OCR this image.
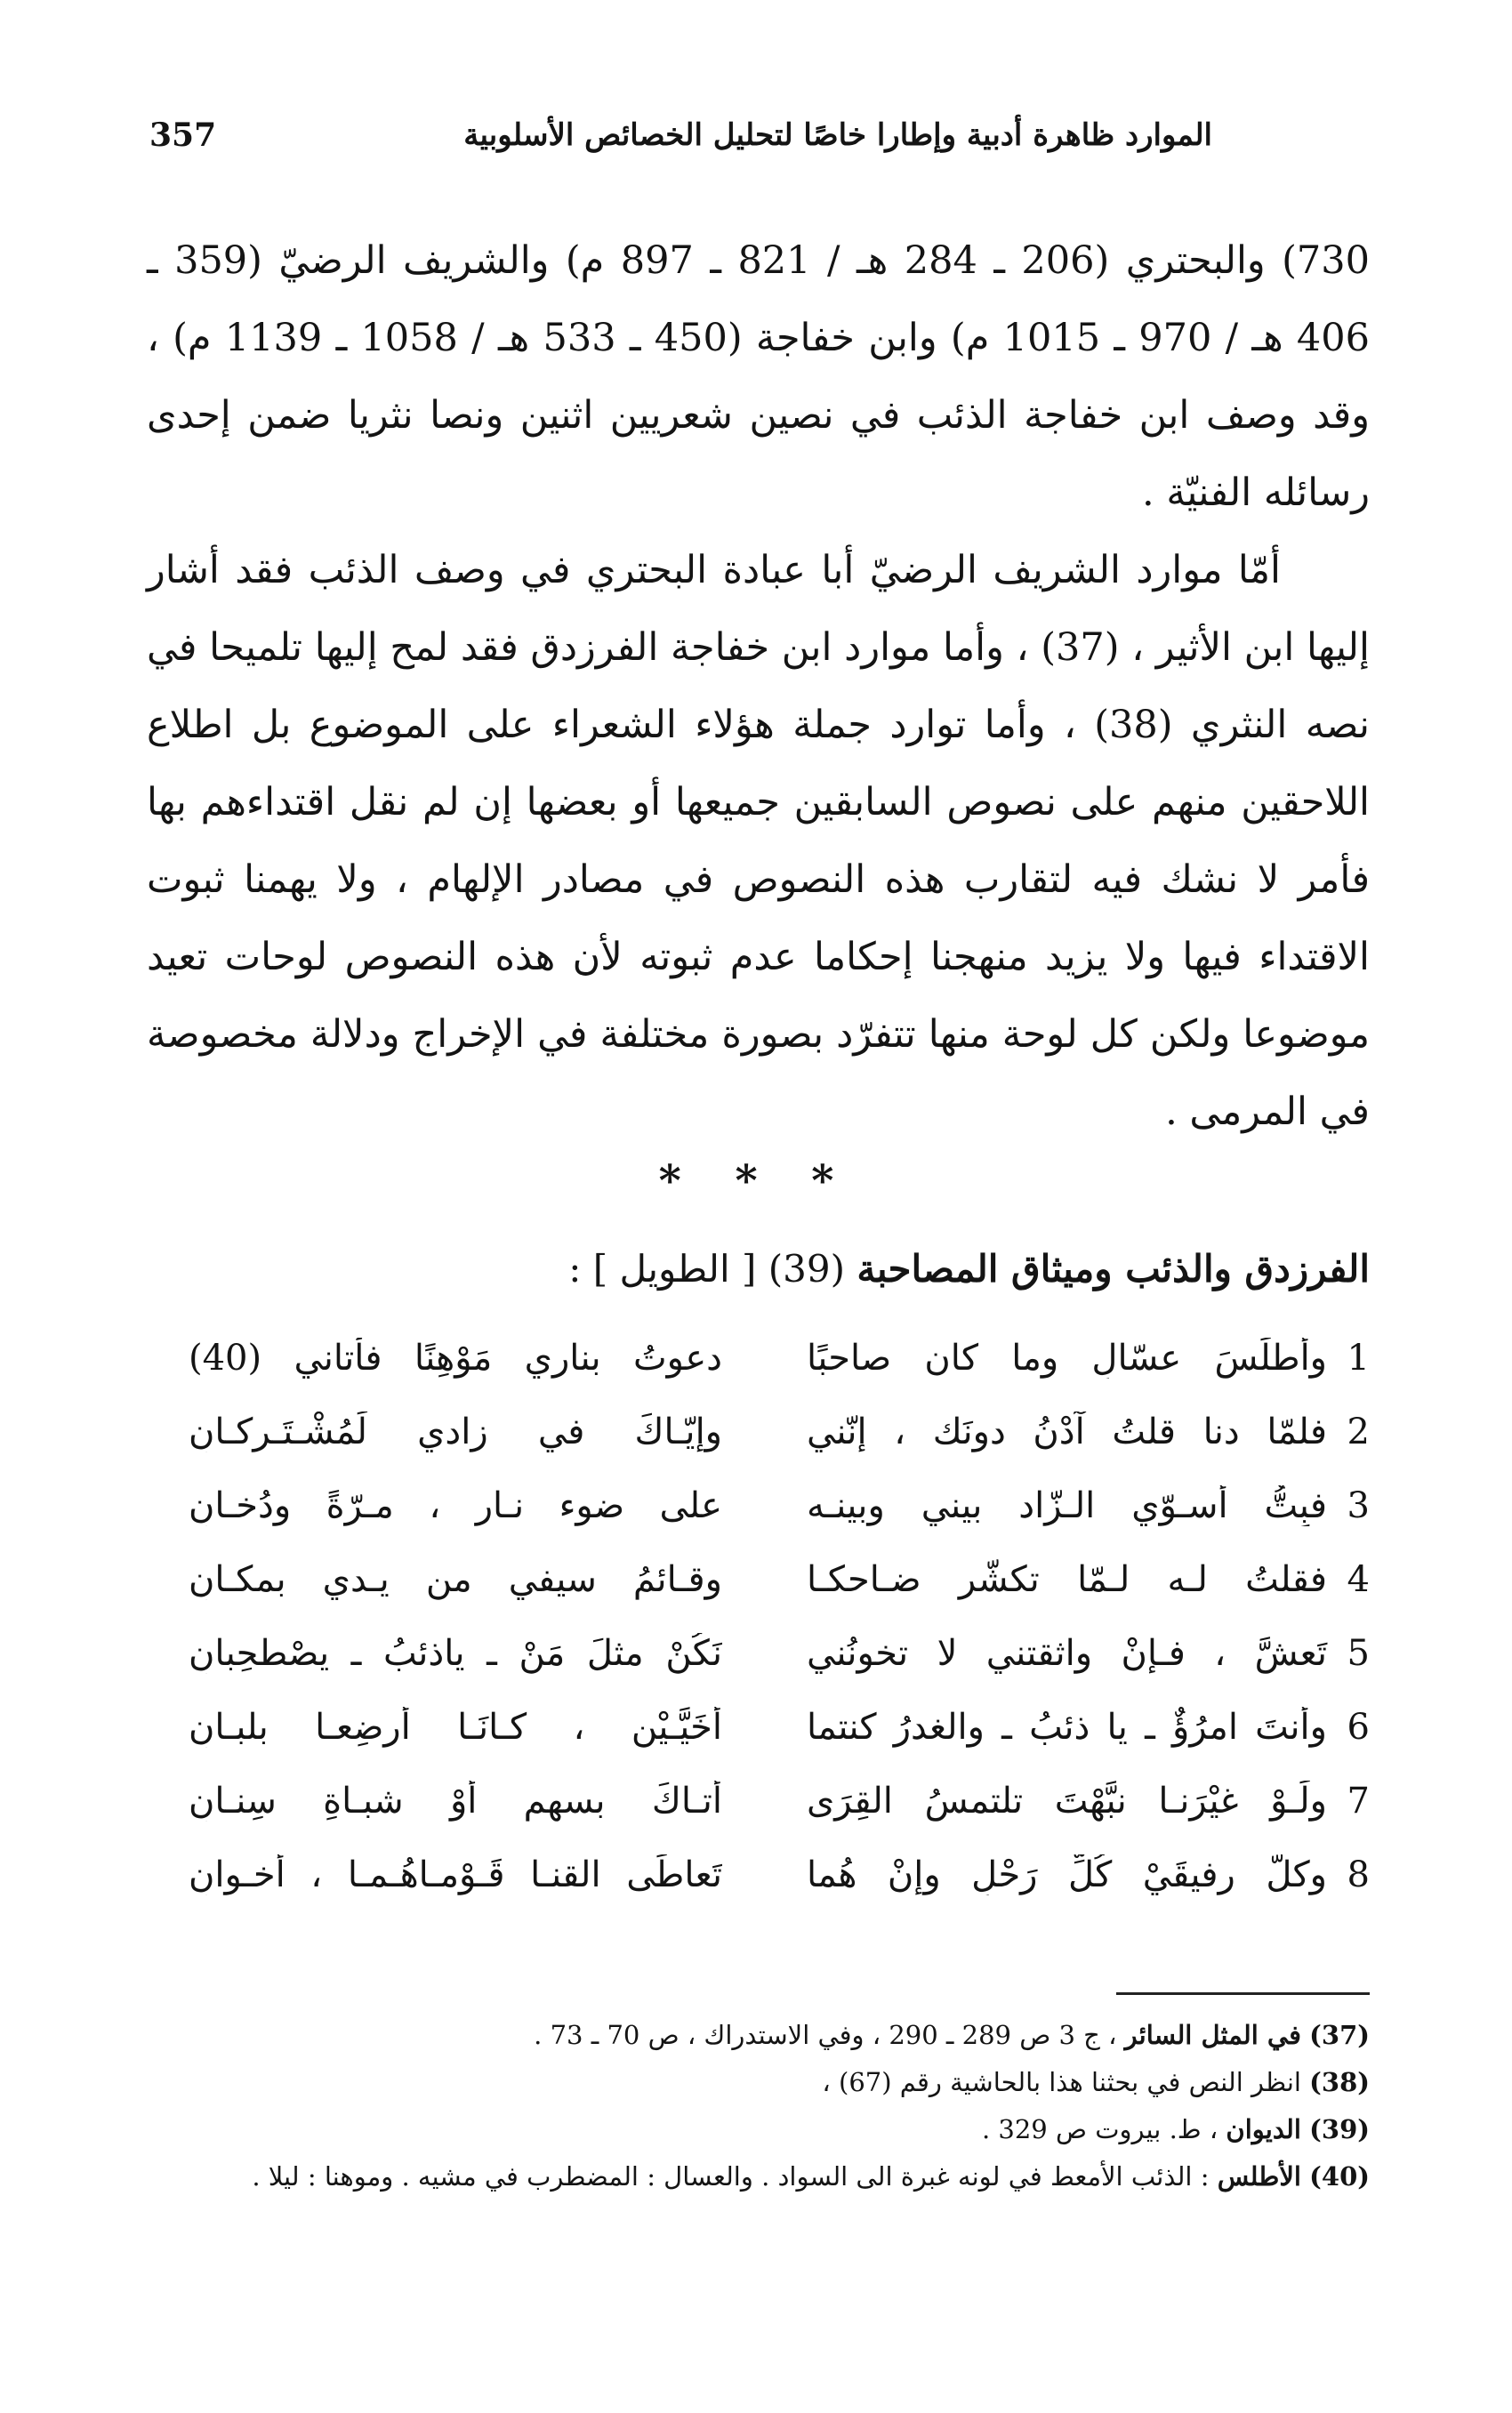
357	الموارد ظاهرة أدبية وإطارا خاصًا لتحليل الخصائص الأسلوبية

730) والبحتري (206 ـ 284 هـ / 821 ـ 897 م) والشريف الرضيّ (359 ـ 406 هـ / 970 ـ 1015 م) وابن خفاجة (450 ـ 533 هـ / 1058 ـ 1139 م) ، وقد وصف ابن خفاجة الذئب في نصين شعريين اثنين ونصا نثريا ضمن إحدى رسائله الفنيّة .

أمّا موارد الشريف الرضيّ أبا عبادة البحتري في وصف الذئب فقد أشار إليها ابن الأثير ، (37) ، وأما موارد ابن خفاجة الفرزدق فقد لمح إليها تلميحا في نصه النثري (38) ، وأما توارد جملة هؤلاء الشعراء على الموضوع بل اطلاع اللاحقين منهم على نصوص السابقين جميعها أو بعضها إن لم نقل اقتداءهم بها فأمر لا نشك فيه لتقارب هذه النصوص في مصادر الإلهام ، ولا يهمنا ثبوت الاقتداء فيها ولا يزيد منهجنا إحكاما عدم ثبوته لأن هذه النصوص لوحات تعيد موضوعا ولكن كل لوحة منها تتفرّد بصورة مختلفة في الإخراج ودلالة مخصوصة في المرمى .

* * *
الفرزدق والذئب وميثاق المصاحبة (39) [ الطويل ] :
1
وأطلَسَ عسّالٍ وما كان صاحبًا
دعوتُ بناري مَوْهِنًا فأتاني (40)
2
فلمّا دنا قلتُ آدْنُ دونَك ، إنّني
وإيّـاكَ في زادي لَمُشْـتَـرِكـانِ
3
فبِتُّ أُسـوّي الـزّاد بيني وبينـه
على ضوء نـار ، مـرّةً ودُخـانِ
4
فقلتُ لـه لـمّا تكشّر ضـاحكـا
وقـائمُ سيفي من يـدي بمكـانِ
5
تَعشَّ ، فـإنْ واثقتني لا تخونُني
نَكُنْ مثلَ مَنْ ـ ياذئبُ ـ يصْطحِبانِ
6
وأنتَ امرُؤٌ ـ يا ذئبُ ـ والغدرُ كنتما
أُخَيَّـيْنِ ، كـانَـا أُرضِعـا بلبـانِ
7
ولَـوْ غيْرَنـا نبَّهْتَ تلتمسُ القِرَى
أتـاكَ بسهمٍ أوْ شبـاةِ سِنـانِ
8
وكلُّ رفيقَيْ كُلِّ رَحْلٍ وإنْ هُما
تَعاطَى القنـا قَـوْمـاهُـمـا ، أخـوانِ
(37) في المثل السائر ، ج 3 ص 289 ـ 290 ، وفي الاستدراك ، ص 70 ـ 73 .
(38) انظر النص في بحثنا هذا بالحاشية رقم (67) ،
(39) الديوان ، ط. بيروت ص 329 .
(40) الأطلس : الذئب الأمعط في لونه غبرة الى السواد . والعسال : المضطرب في مشيه . وموهنا : ليلا .
